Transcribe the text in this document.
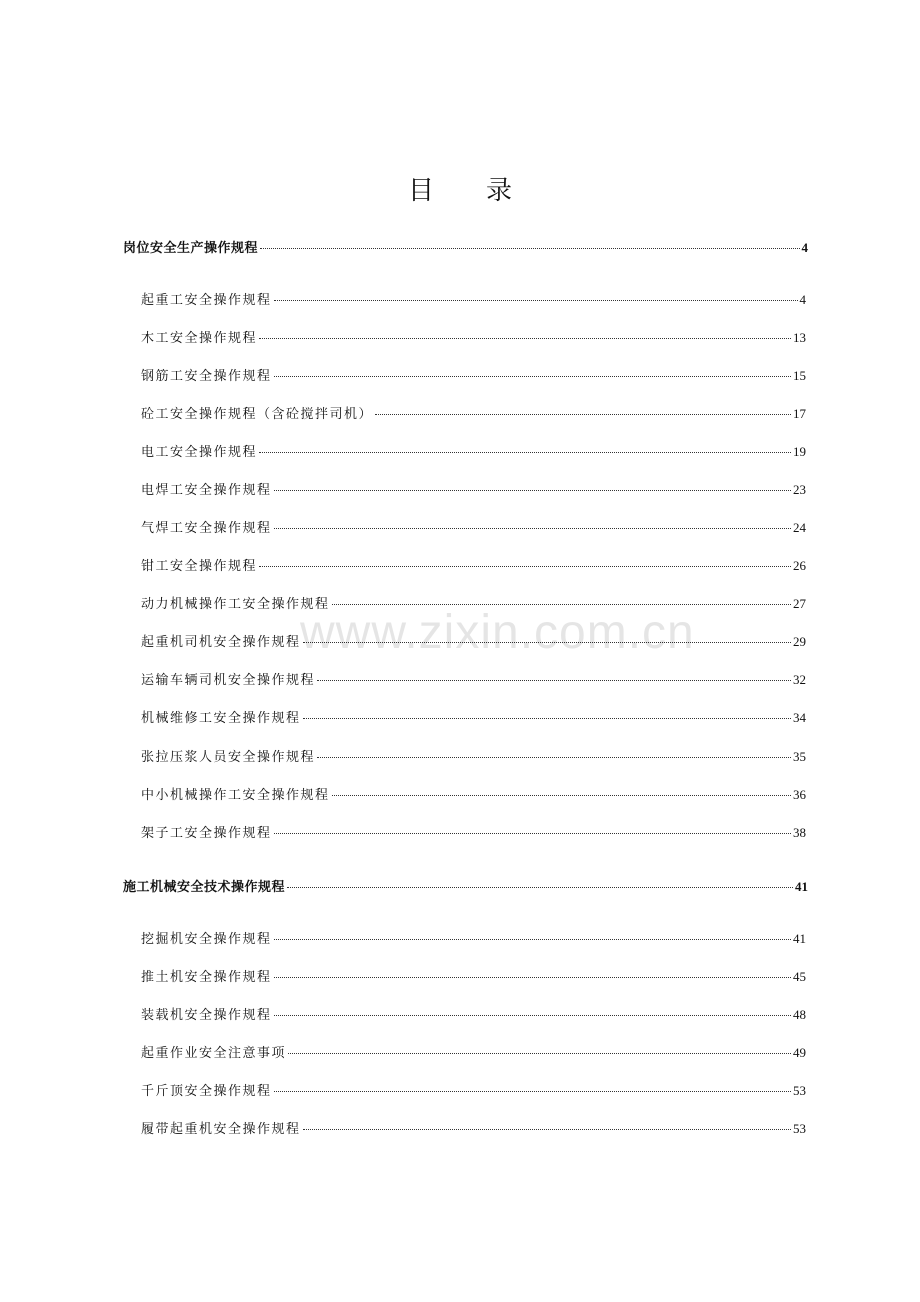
目录
岗位安全生产操作规程	4
起重工安全操作规程	4
木工安全操作规程	13
钢筋工安全操作规程	15
砼工安全操作规程（含砼搅拌司机）	17
电工安全操作规程	19
电焊工安全操作规程	23
气焊工安全操作规程	24
钳工安全操作规程	26
动力机械操作工安全操作规程	27
起重机司机安全操作规程	29
运输车辆司机安全操作规程	32
机械维修工安全操作规程	34
张拉压浆人员安全操作规程	35
中小机械操作工安全操作规程	36
架子工安全操作规程	38
施工机械安全技术操作规程	41
挖掘机安全操作规程	41
推土机安全操作规程	45
装载机安全操作规程	48
起重作业安全注意事项	49
千斤顶安全操作规程	53
履带起重机安全操作规程	53
www.zixin.com.cn
